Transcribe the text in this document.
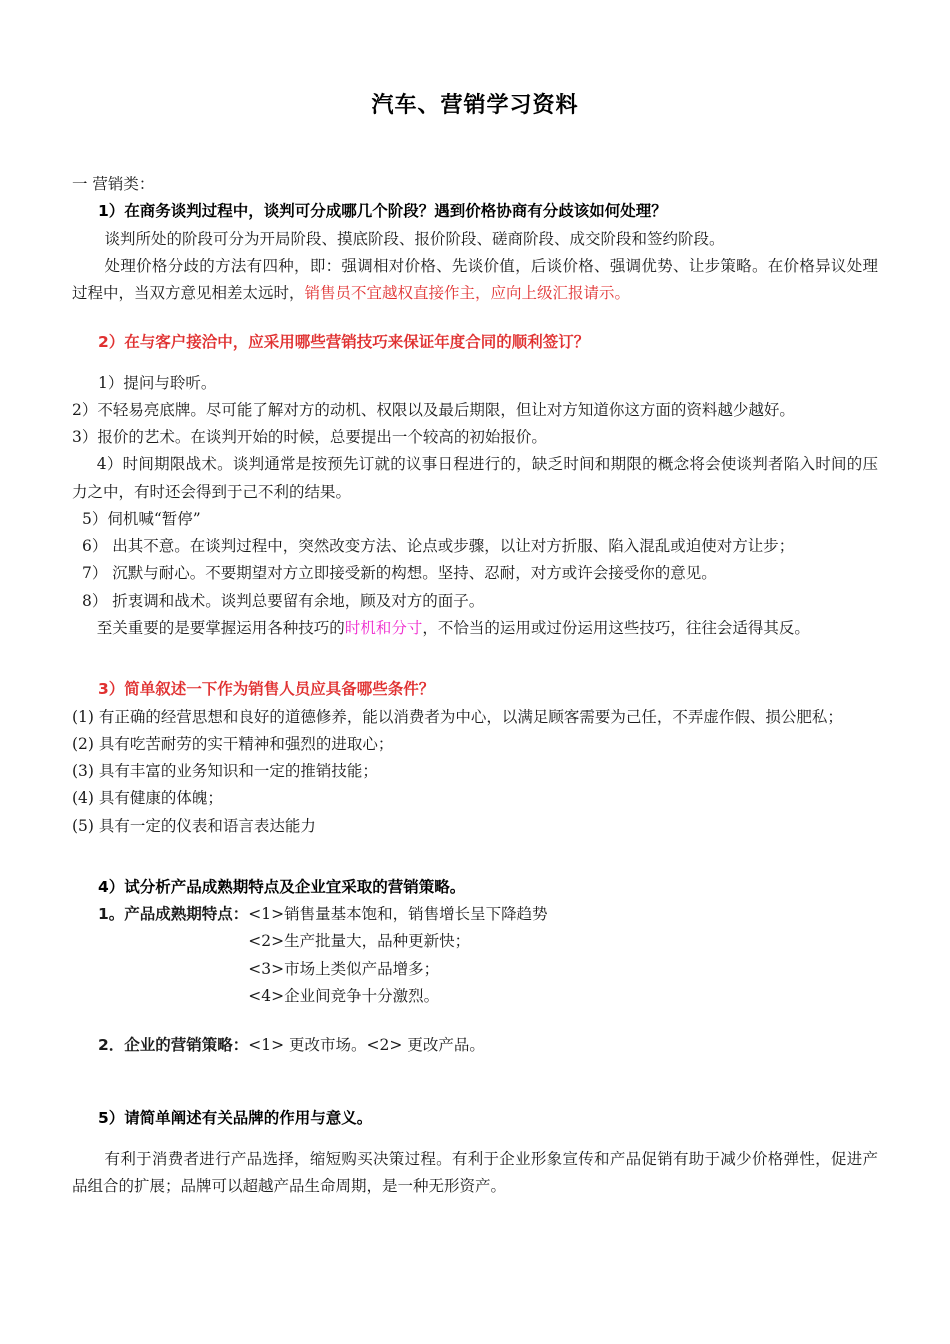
汽车、营销学习资料

一 营销类：

1）在商务谈判过程中，谈判可分成哪几个阶段？遇到价格协商有分歧该如何处理？

谈判所处的阶段可分为开局阶段、摸底阶段、报价阶段、磋商阶段、成交阶段和签约阶段。

处理价格分歧的方法有四种，即：强调相对价格、先谈价值，后谈价格、强调优势、让步策略。在价格异议处理过程中，当双方意见相差太远时，销售员不宜越权直接作主，应向上级汇报请示。

2）在与客户接洽中，应采用哪些营销技巧来保证年度合同的顺利签订？

1）提问与聆听。

2）不轻易亮底牌。尽可能了解对方的动机、权限以及最后期限，但让对方知道你这方面的资料越少越好。

3）报价的艺术。在谈判开始的时候，总要提出一个较高的初始报价。

4）时间期限战术。谈判通常是按预先订就的议事日程进行的，缺乏时间和期限的概念将会使谈判者陷入时间的压力之中，有时还会得到于己不利的结果。

5）伺机喊“暂停”

6） 出其不意。在谈判过程中，突然改变方法、论点或步骤，以让对方折服、陷入混乱或迫使对方让步；

7） 沉默与耐心。不要期望对方立即接受新的构想。坚持、忍耐，对方或许会接受你的意见。

8） 折衷调和战术。谈判总要留有余地，顾及对方的面子。

至关重要的是要掌握运用各种技巧的时机和分寸，不恰当的运用或过份运用这些技巧，往往会适得其反。

3）简单叙述一下作为销售人员应具备哪些条件？

(1) 有正确的经营思想和良好的道德修养，能以消费者为中心，以满足顾客需要为己任，不弄虚作假、损公肥私；

(2) 具有吃苦耐劳的实干精神和强烈的进取心；

(3) 具有丰富的业务知识和一定的推销技能；

(4) 具有健康的体魄；

(5) 具有一定的仪表和语言表达能力

4）试分析产品成熟期特点及企业宜采取的营销策略。

1。产品成熟期特点： <1>销售量基本饱和，销售增长呈下降趋势

<2>生产批量大，品种更新快；

<3>市场上类似产品增多；

<4>企业间竞争十分激烈。

2．企业的营销策略： <1> 更改市场。<2> 更改产品。

5）请简单阐述有关品牌的作用与意义。

有利于消费者进行产品选择，缩短购买决策过程。有利于企业形象宣传和产品促销有助于减少价格弹性，促进产品组合的扩展；品牌可以超越产品生命周期，是一种无形资产。
